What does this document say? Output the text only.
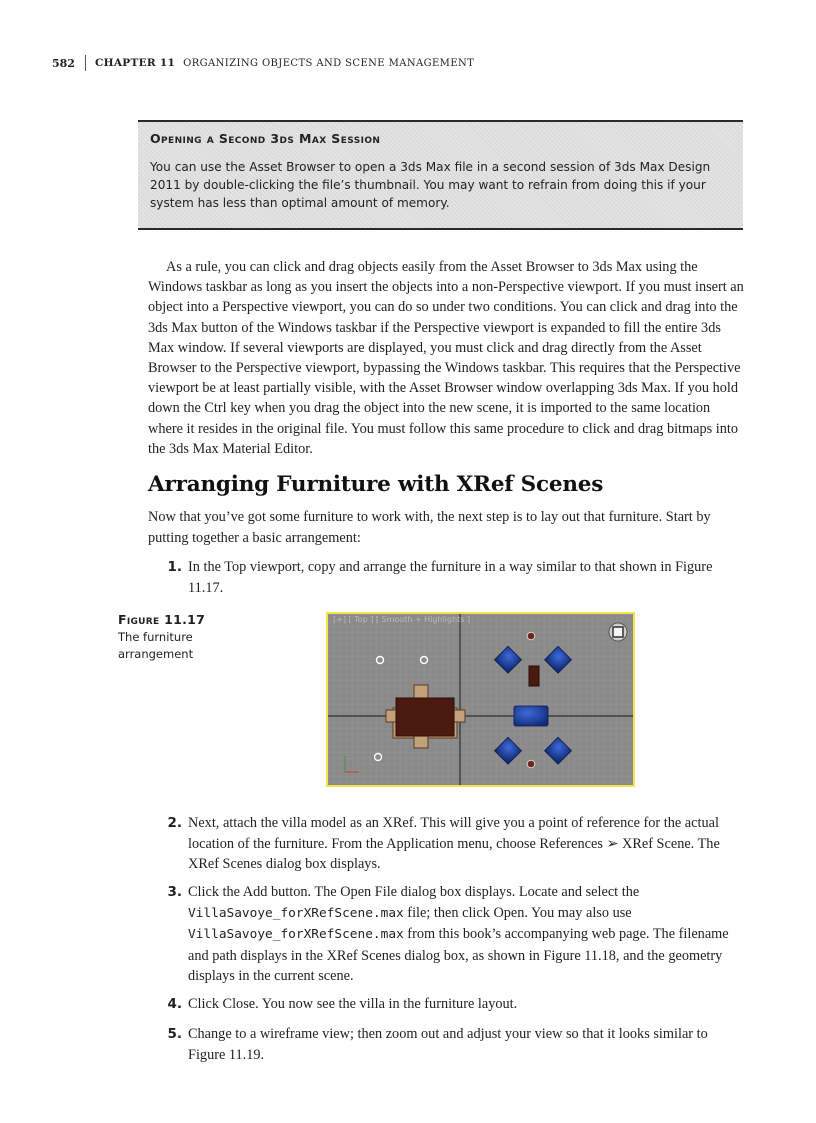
582 CHAPTER 11 ORGANIZING OBJECTS AND SCENE MANAGEMENT
Opening a Second 3ds Max Session
You can use the Asset Browser to open a 3ds Max file in a second session of 3ds Max Design 2011 by double-clicking the file’s thumbnail. You may want to refrain from doing this if your system has less than optimal amount of memory.
As a rule, you can click and drag objects easily from the Asset Browser to 3ds Max using the Windows taskbar as long as you insert the objects into a non-Perspective viewport. If you must insert an object into a Perspective viewport, you can do so under two conditions. You can click and drag into the 3ds Max button of the Windows taskbar if the Perspective viewport is expanded to fill the entire 3ds Max window. If several viewports are displayed, you must click and drag directly from the Asset Browser to the Perspective viewport, bypassing the Windows taskbar. This requires that the Perspective viewport be at least partially visible, with the Asset Browser window overlapping 3ds Max. If you hold down the Ctrl key when you drag the object into the new scene, it is imported to the same location where it resides in the original file. You must follow this same procedure to click and drag bitmaps into the 3ds Max Material Editor.
Arranging Furniture with XRef Scenes
Now that you’ve got some furniture to work with, the next step is to lay out that furniture. Start by putting together a basic arrangement:
1. In the Top viewport, copy and arrange the furniture in a way similar to that shown in Figure 11.17.
Figure 11.17
The furniture arrangement
[+] [ Top ] [ Smooth + Highlights ]
2. Next, attach the villa model as an XRef. This will give you a point of reference for the actual location of the furniture. From the Application menu, choose References ➢ XRef Scene. The XRef Scenes dialog box displays.
3. Click the Add button. The Open File dialog box displays. Locate and select the VillaSavoye_forXRefScene.max file; then click Open. You may also use VillaSavoye_forXRefScene.max from this book’s accompanying web page. The filename and path displays in the XRef Scenes dialog box, as shown in Figure 11.18, and the geometry displays in the current scene.
4. Click Close. You now see the villa in the furniture layout.
5. Change to a wireframe view; then zoom out and adjust your view so that it looks similar to Figure 11.19.
